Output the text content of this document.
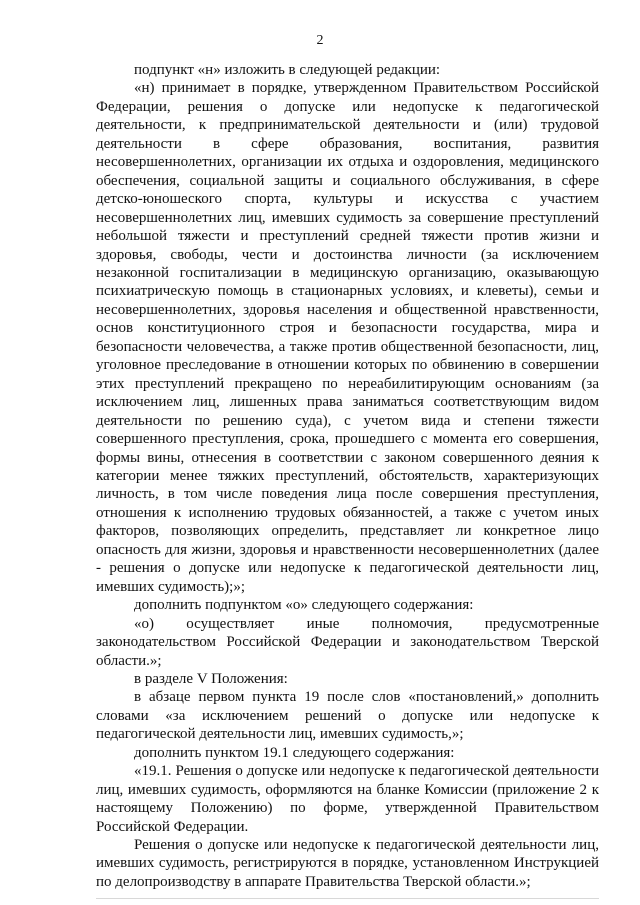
2

подпункт «н» изложить в следующей редакции:

«н) принимает в порядке, утвержденном Правительством Российской Федерации, решения о допуске или недопуске к педагогической деятельности, к предпринимательской деятельности и (или) трудовой деятельности в сфере образования, воспитания, развития несовершеннолетних, организации их отдыха и оздоровления, медицинского обеспечения, социальной защиты и социального обслуживания, в сфере детско-юношеского спорта, культуры и искусства с участием несовершеннолетних лиц, имевших судимость за совершение преступлений небольшой тяжести и преступлений средней тяжести против жизни и здоровья, свободы, чести и достоинства личности (за исключением незаконной госпитализации в медицинскую организацию, оказывающую психиатрическую помощь в стационарных условиях, и клеветы), семьи и несовершеннолетних, здоровья населения и общественной нравственности, основ конституционного строя и безопасности государства, мира и безопасности человечества, а также против общественной безопасности, лиц, уголовное преследование в отношении которых по обвинению в совершении этих преступлений прекращено по нереабилитирующим основаниям (за исключением лиц, лишенных права заниматься соответствующим видом деятельности по решению суда), с учетом вида и степени тяжести совершенного преступления, срока, прошедшего с момента его совершения, формы вины, отнесения в соответствии с законом совершенного деяния к категории менее тяжких преступлений, обстоятельств, характеризующих личность, в том числе поведения лица после совершения преступления, отношения к исполнению трудовых обязанностей, а также с учетом иных факторов, позволяющих определить, представляет ли конкретное лицо опасность для жизни, здоровья и нравственности несовершеннолетних (далее - решения о допуске или недопуске к педагогической деятельности лиц, имевших судимость);»;

дополнить подпунктом «о» следующего содержания:

«о) осуществляет иные полномочия, предусмотренные законодательством Российской Федерации и законодательством Тверской области.»;

в разделе V Положения:

в абзаце первом пункта 19 после слов «постановлений,» дополнить словами «за исключением решений о допуске или недопуске к педагогической деятельности лиц, имевших судимость,»;

дополнить пунктом 19.1 следующего содержания:

«19.1. Решения о допуске или недопуске к педагогической деятельности лиц, имевших судимость, оформляются на бланке Комиссии (приложение 2 к настоящему Положению) по форме, утвержденной Правительством Российской Федерации.

Решения о допуске или недопуске к педагогической деятельности лиц, имевших судимость, регистрируются в порядке, установленном Инструкцией по делопроизводству в аппарате Правительства Тверской области.»;
